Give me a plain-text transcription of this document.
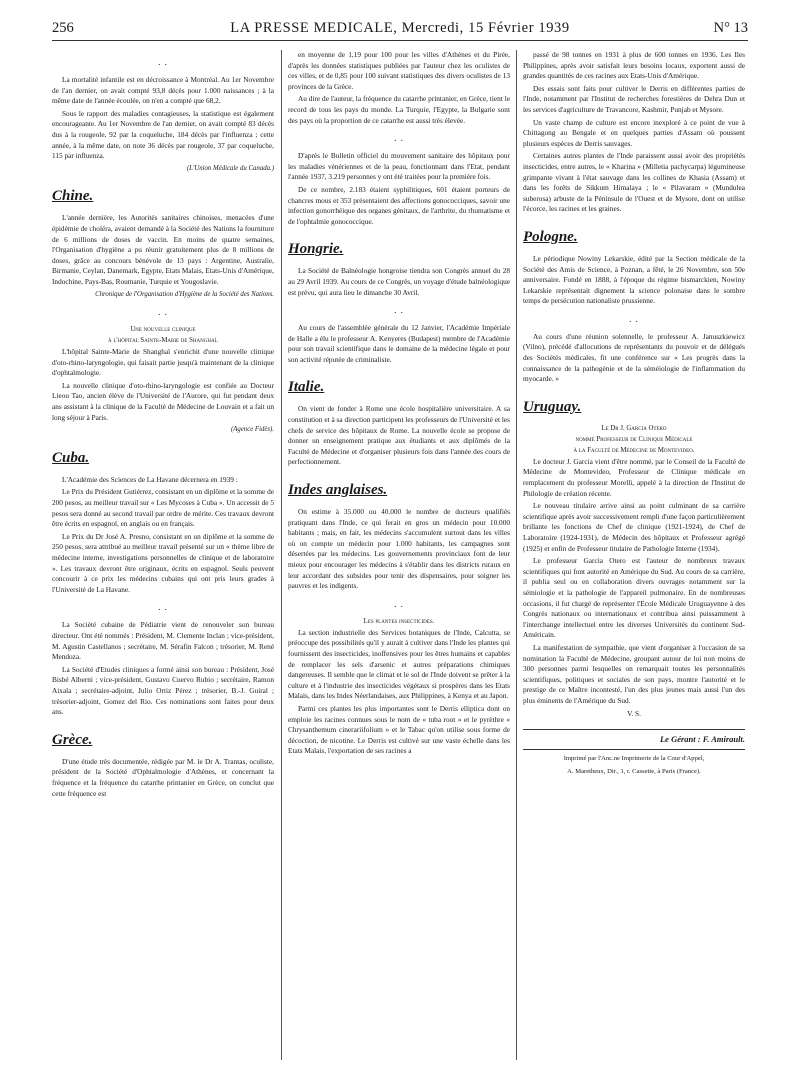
256	LA PRESSE MEDICALE, Mercredi, 15 Février 1939	N° 13
. .

La mortalité infantile est en décroissance à Montréal. Au 1er Novembre de l'an dernier, on avait compté 93,8 décès pour 1.000 naissances ; à la même date de l'année écoulée, on n'en a compté que 68,2.

Sous le rapport des maladies contagieuses, la statistique est également encourageante. Au 1er Novembre de l'an dernier, on avait compté 83 décès dus à la rougeole, 92 par la coqueluche, 184 décès par l'influenza ; cette année, à la même date, on note 36 décès par rougeole, 37 par coqueluche, 115 par influenza.

(L'Union Médicale du Canada.)

Chine.

L'année dernière, les Autorités sanitaires chinoises, menacées d'une épidémie de choléra, avaient demandé à la Société des Nations la fourniture de 6 millions de doses de vaccin. En moins de quatre semaines, l'Organisation d'hygiène a pu réunir gratuitement plus de 8 millions de doses, grâce au concours bénévole de 13 pays : Argentine, Australie, Birmanie, Ceylan, Danemark, Egypte, Etats Malais, Etats-Unis d'Amérique, Indochine, Pays-Bas, Roumanie, Turquie et Yougoslavie.

Chronique de l'Organisation d'Hygiène de la Société des Nations.

. .

Une nouvelle clinique

à l'hôpital Sainte-Marie de Shanghaï.

L'hôpital Sainte-Marie de Shanghaï s'enrichit d'une nouvelle clinique d'oto-rhino-laryngologie, qui faisait partie jusqu'à maintenant de la clinique d'ophtalmologie.

La nouvelle clinique d'oto-rhino-laryngologie est confiée au Docteur Lieou Tao, ancien élève de l'Université de l'Aurore, qui fut pendant deux ans assistant à la clinique de la Faculté de Médecine de Louvain et a fait un long séjour à Paris.

(Agence Fidès).

Cuba.

L'Académie des Sciences de La Havane décernera en 1939 :

Le Prix du Président Gutiérrez, consistant en un diplôme et la somme de 200 pesos, au meilleur travail sur « Les Mycoses à Cuba ». Un accessit de 5 pesos sera donné au second travail par ordre de mérite. Ces travaux devront être écrits en espagnol, en anglais ou en français.

Le Prix du Dr José A. Presno, consistant en un diplôme et la somme de 250 pesos, sera attribué au meilleur travail présenté sur un « thème libre de médecine interne, investigations personnelles de clinique et de laboratoire ». Les travaux devront être originaux, écrits en espagnol. Seuls peuvent concourir à ce prix les médecins cubains qui ont pris leurs grades à l'Université de La Havane.

. .

La Société cubaine de Pédiatrie vient de renouveler son bureau directeur. Ont été nommés : Président, M. Clemente Inclan ; vice-président, M. Agustin Castellanos ; secrétaire, M. Sérafin Falcon ; trésorier, M. René Mendoza.

La Société d'Etudes cliniques a formé ainsi son bureau : Président, José Bisbé Alberni ; vice-président, Gustavo Cuervo Rubio ; secrétaire, Ramon Aixala ; secrétaire-adjoint, Julio Ortiz Pérez ; trésorier, B.-J. Guiral ; trésorier-adjoint, Gomez del Rio. Ces nominations sont faites pour deux ans.

Grèce.

D'une étude très documentée, rédigée par M. le Dr A. Trantas, oculiste, président de la Société d'Ophtalmologie d'Athènes, et concernant la fréquence et la fréquence du catarrhe printanier en Grèce, on conclut que cette fréquence est

en moyenne de 1,19 pour 100 pour les villes d'Athènes et du Pirée, d'après les données statistiques publiées par l'auteur chez les oculistes de ces villes, et de 0,85 pour 100 suivant statistiques des divers oculistes de 13 provinces de la Grèce.

Au dire de l'auteur, la fréquence du catarrhe printanier, en Grèce, tient le record de tous les pays du monde. La Turquie, l'Egypte, la Bulgarie sont des pays où la proportion de ce catarrhe est aussi très élevée.

. .

D'après le Bulletin officiel du mouvement sanitaire des hôpitaux pour les maladies vénériennes et de la peau, fonctionnant dans l'Etat, pendant l'année 1937, 3.219 personnes y ont été traitées pour la première fois.

De ce nombre, 2.183 étaient syphilitiques, 601 étaient porteurs de chancres mous et 353 présentaient des affections gonococciques, savoir une infection gonorrhéique des organes génitaux, de l'arthrite, du rhumatisme et de l'ophtalmie gonococcique.

Hongrie.

La Société de Balnéologie hongroise tiendra son Congrès annuel du 28 au 29 Avril 1939. Au cours de ce Congrès, un voyage d'étude balnéologique est prévu, qui aura lieu le dimanche 30 Avril.

. .

Au cours de l'assemblée générale du 12 Janvier, l'Académie Impériale de Halle a élu le professeur A. Kenyeres (Budapest) membre de l'Académie pour son travail scientifique dans le domaine de la médecine légale et pour son activité réputée de criminaliste.

Italie.

On vient de fonder à Rome une école hospitalière universitaire. A sa constitution et à sa direction participent les professeurs de l'Université et les chefs de service des hôpitaux de Rome. La nouvelle école se propose de donner un enseignement pratique aux étudiants et aux diplômés de la Faculté de Médecine et d'organiser plusieurs fois dans l'année des cours de perfectionnement.

Indes anglaises.

On estime à 35.000 ou 40.000 le nombre de docteurs qualifiés pratiquant dans l'Inde, ce qui ferait en gros un médecin pour 10.000 habitants ; mais, en fait, les médecins s'accumulent surtout dans les villes où on compte un médecin pour 1.000 habitants, les campagnes sont désertées par les médecins. Les gouvernements provinciaux font de leur mieux pour encourager les médecins à s'établir dans les districts ruraux en leur accordant des subsides pour tenir des dispensaires, pour soigner les pauvres et les indigents.

. .

Les plantes insecticides.

La section industrielle des Services botaniques de l'Inde, Calcutta, se préoccupe des possibilités qu'il y aurait à cultiver dans l'Inde les plantes qui fournissent des insecticides, inoffensives pour les êtres humains et capables de remplacer les sels d'arsenic et autres préparations chimiques dangereuses. Il semble que le climat et le sol de l'Inde doivent se prêter à la culture et à l'industrie des insecticides végétaux si prospères dans les Etats Malais, dans les Indes Néerlandaises, aux Philippines, à Kenya et au Japon.

Parmi ces plantes les plus importantes sont le Derris elliptica dont on emploie les racines connues sous le nom de « tuba root » et le pyrèthre « Chrysanthemum cinerariifolium » et le Tabac qu'on utilise sous forme de décoction, de nicotine. Le Derris est cultivé sur une vaste échelle dans les Etats Malais, l'exportation de ses racines a

passé de 98 tonnes en 1931 à plus de 600 tonnes en 1936. Les Iles Philippines, après avoir satisfait leurs besoins locaux, exportent aussi de grandes quantités de ces racines aux Etats-Unis d'Amérique.

Des essais sont faits pour cultiver le Derris en différentes parties de l'Inde, notamment par l'Institut de recherches forestières de Dehra Dun et les services d'agriculture de Travancore, Kashmir, Punjab et Mysore.

Un vaste champ de culture est encore inexploré à ce point de vue à Chittagong au Bengale et en quelques parties d'Assam où poussent plusieurs espèces de Derris sauvages.

Certaines autres plantes de l'Inde paraissent aussi avoir des propriétés insecticides, entre autres, le « Kharina » (Milletia pachycarpa) légumineuse grimpante vivant à l'état sauvage dans les collines de Khasia (Assam) et dans les forêts de Sikkum Himalaya ; le « Pilavaram » (Mundulea suberosa) arbuste de la Péninsule de l'Ouest et de Mysore, dont on utilise l'écorce, les racines et les graines.

Pologne.

Le périodique Nowiny Lekarskie, édité par la Section médicale de la Société des Amis de Science, à Poznan, a fêté, le 26 Novembre, son 50e anniversaire. Fondé en 1888, à l'époque du régime bismarckien, Nowiny Lekarskie représentait dignement la science polonaise dans le sombre temps de persécution nationaliste prussienne.

. .

Au cours d'une réunion solennelle, le professeur A. Januszkiewicz (Vilno), précédé d'allocutions de représentants du pouvoir et de délégués des Sociétés médicales, fit une conférence sur « Les progrès dans la connaissance de la pathogénie et de la séméiologie de l'inflammation du myocarde. »

Uruguay.

Le Dr J. Garcia Otero

nommé Professeur de Clinique Médicale

à la Faculté de Médecine de Montevideo.

Le docteur J. Garcia vient d'être nommé, par le Conseil de la Faculté de Médecine de Montevideo, Professeur de Clinique médicale en remplacement du professeur Morelli, appelé à la direction de l'Institut de Philologie de création récente.

Le nouveau titulaire arrive ainsi au point culminant de sa carrière scientifique après avoir successivement rempli d'une façon particulièrement brillante les fonctions de Chef de clinique (1921-1924), de Chef de Laboratoire (1924-1931), de Médecin des hôpitaux et Professeur agrégé (1925) et enfin de Professeur titulaire de Pathologie Interne (1934).

Le professeur Garcia Otero est l'auteur de nombreux travaux scientifiques qui font autorité en Amérique du Sud. Au cours de sa carrière, il publia seul ou en collaboration divers ouvrages notamment sur la sémiologie et la pathologie de l'appareil pulmonaire. En de nombreuses occasions, il fut chargé de représenter l'Ecole Médicale Uruguayenne à des Congrès nationaux ou internationaux et contribua ainsi puissamment à l'interchange intellectuel entre les diverses Universités du continent Sud-Américain.

La manifestation de sympathie, que vient d'organiser à l'occasion de sa nomination la Faculté de Médecine, groupant autour de lui non moins de 300 personnes parmi lesquelles on remarquait toutes les personnalités scientifiques, politiques et sociales de son pays, montre l'autorité et le prestige de ce Maître incontesté, l'un des plus jeunes mais aussi l'un des plus éminents de l'Amérique du Sud.

V. S.

Le Gérant : F. Amirault.
Imprimé par l'Anc.ne Imprimerie de la Cour d'Appel,
A. Maretheux, Dir., 1, r. Cassette, à Paris (France).
